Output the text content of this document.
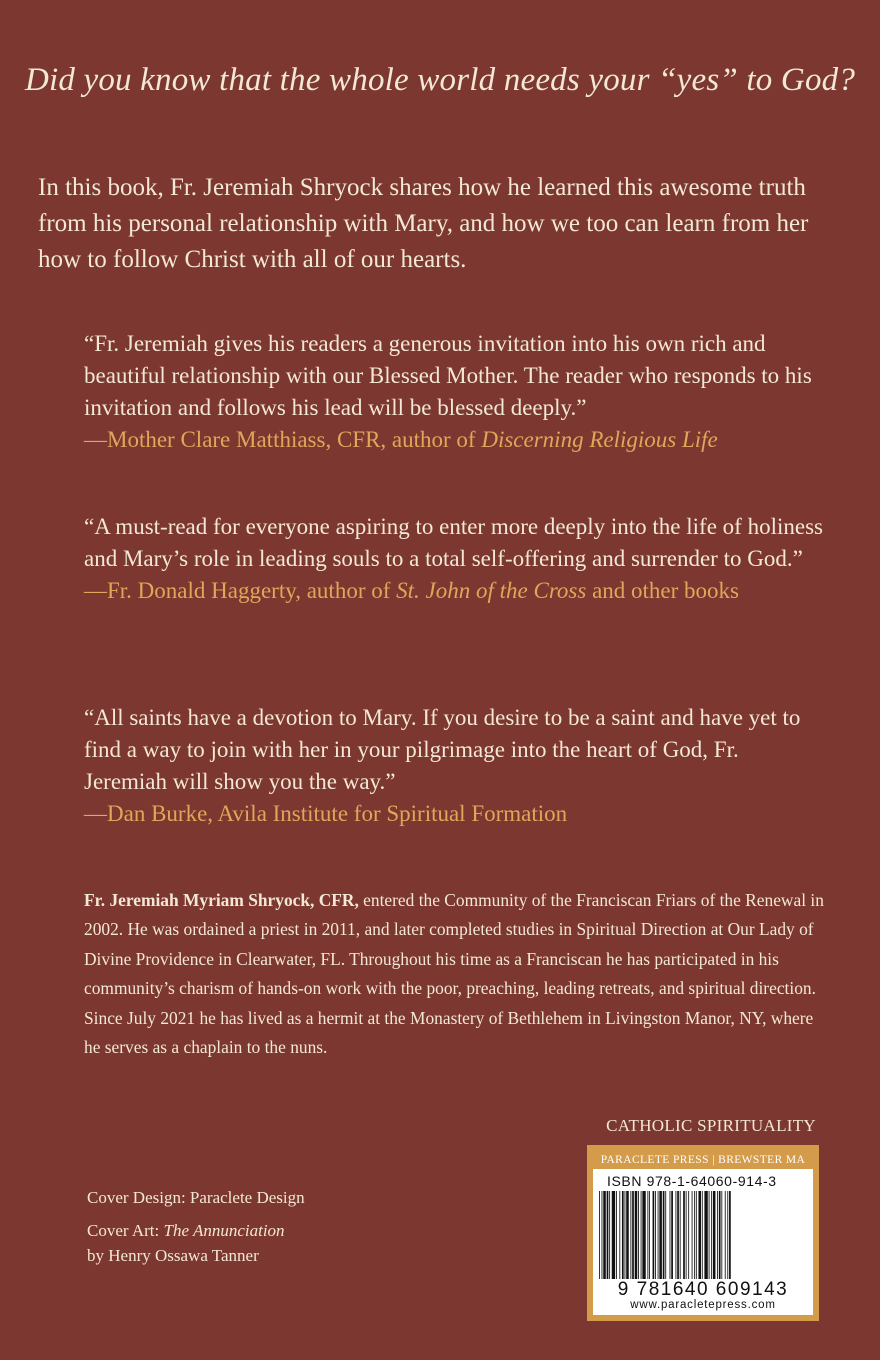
Did you know that the whole world needs your “yes” to God?
In this book, Fr. Jeremiah Shryock shares how he learned this awesome truth from his personal relationship with Mary, and how we too can learn from her how to follow Christ with all of our hearts.
“Fr. Jeremiah gives his readers a generous invitation into his own rich and beautiful relationship with our Blessed Mother. The reader who responds to his invitation and follows his lead will be blessed deeply.”
—Mother Clare Matthiass, CFR, author of Discerning Religious Life
“A must-read for everyone aspiring to enter more deeply into the life of holiness and Mary’s role in leading souls to a total self-offering and surrender to God.”
—Fr. Donald Haggerty, author of St. John of the Cross and other books
“All saints have a devotion to Mary. If you desire to be a saint and have yet to find a way to join with her in your pilgrimage into the heart of God, Fr. Jeremiah will show you the way.”
—Dan Burke, Avila Institute for Spiritual Formation
Fr. Jeremiah Myriam Shryock, CFR, entered the Community of the Franciscan Friars of the Renewal in 2002. He was ordained a priest in 2011, and later completed studies in Spiritual Direction at Our Lady of Divine Providence in Clearwater, FL. Throughout his time as a Franciscan he has participated in his community’s charism of hands-on work with the poor, preaching, leading retreats, and spiritual direction. Since July 2021 he has lived as a hermit at the Monastery of Bethlehem in Livingston Manor, NY, where he serves as a chaplain to the nuns.
CATHOLIC SPIRITUALITY
Cover Design: Paraclete Design
Cover Art: The Annunciation
by Henry Ossawa Tanner
PARACLETE PRESS | BREWSTER MA
ISBN 978-1-64060-914-3
9 781640 609143
www.paracletepress.com
